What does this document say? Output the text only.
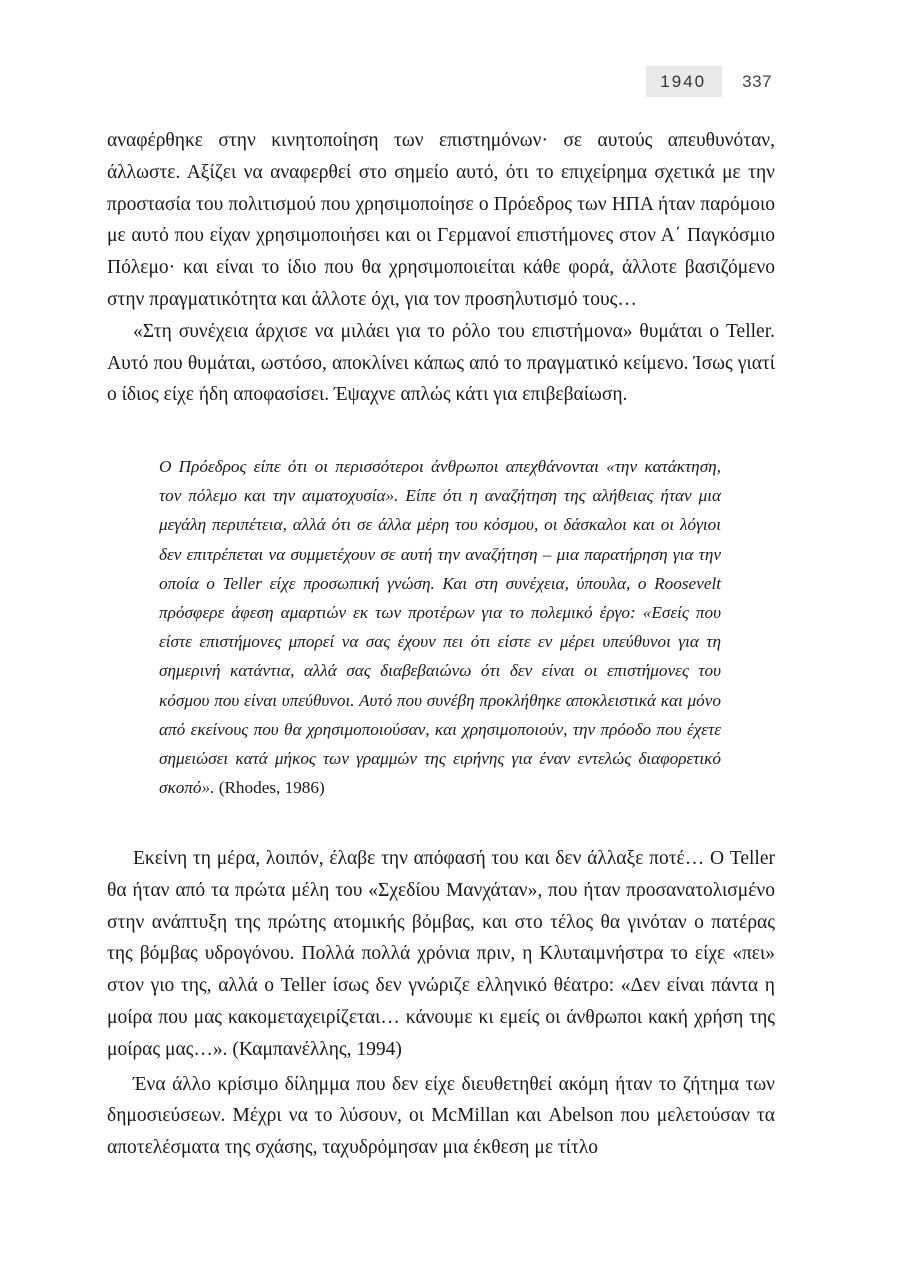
1940	337

αναφέρθηκε στην κινητοποίηση των επιστημόνων· σε αυτούς απευθυνόταν, άλλωστε. Αξίζει να αναφερθεί στο σημείο αυτό, ότι το επιχείρημα σχετικά με την προστασία του πολιτισμού που χρησιμοποίησε ο Πρόεδρος των ΗΠΑ ήταν παρόμοιο με αυτό που είχαν χρησιμοποιήσει και οι Γερμανοί επιστήμονες στον Α΄ Παγκόσμιο Πόλεμο· και είναι το ίδιο που θα χρησιμοποιείται κάθε φορά, άλλοτε βασιζόμενο στην πραγματικότητα και άλλοτε όχι, για τον προσηλυτισμό τους…

«Στη συνέχεια άρχισε να μιλάει για το ρόλο του επιστήμονα» θυμάται ο Teller. Αυτό που θυμάται, ωστόσο, αποκλίνει κάπως από το πραγματικό κείμενο. Ίσως γιατί ο ίδιος είχε ήδη αποφασίσει. Έψαχνε απλώς κάτι για επιβεβαίωση.

Ο Πρόεδρος είπε ότι οι περισσότεροι άνθρωποι απεχθάνονται «την κατάκτηση, τον πόλεμο και την αιματοχυσία». Είπε ότι η αναζήτηση της αλήθειας ήταν μια μεγάλη περιπέτεια, αλλά ότι σε άλλα μέρη του κόσμου, οι δάσκαλοι και οι λόγιοι δεν επιτρέπεται να συμμετέχουν σε αυτή την αναζήτηση – μια παρατήρηση για την οποία ο Teller είχε προσωπική γνώση. Και στη συνέχεια, ύπουλα, ο Roosevelt πρόσφερε άφεση αμαρτιών εκ των προτέρων για το πολεμικό έργο: «Εσείς που είστε επιστήμονες μπορεί να σας έχουν πει ότι είστε εν μέρει υπεύθυνοι για τη σημερινή κατάντια, αλλά σας διαβεβαιώνω ότι δεν είναι οι επιστήμονες του κόσμου που είναι υπεύθυνοι. Αυτό που συνέβη προκλήθηκε αποκλειστικά και μόνο από εκείνους που θα χρησιμοποιούσαν, και χρησιμοποιούν, την πρόοδο που έχετε σημειώσει κατά μήκος των γραμμών της ειρήνης για έναν εντελώς διαφορετικό σκοπό». (Rhodes, 1986)

Εκείνη τη μέρα, λοιπόν, έλαβε την απόφασή του και δεν άλλαξε ποτέ… Ο Teller θα ήταν από τα πρώτα μέλη του «Σχεδίου Μανχάταν», που ήταν προσανατολισμένο στην ανάπτυξη της πρώτης ατομικής βόμβας, και στο τέλος θα γινόταν ο πατέρας της βόμβας υδρογόνου. Πολλά πολλά χρόνια πριν, η Κλυταιμνήστρα το είχε «πει» στον γιο της, αλλά ο Teller ίσως δεν γνώριζε ελληνικό θέατρο: «Δεν είναι πάντα η μοίρα που μας κακομεταχειρίζεται… κάνουμε κι εμείς οι άνθρωποι κακή χρήση της μοίρας μας…». (Καμπανέλλης, 1994)

Ένα άλλο κρίσιμο δίλημμα που δεν είχε διευθετηθεί ακόμη ήταν το ζήτημα των δημοσιεύσεων. Μέχρι να το λύσουν, οι McMillan και Abelson που μελετούσαν τα αποτελέσματα της σχάσης, ταχυδρόμησαν μια έκθεση με τίτλο
